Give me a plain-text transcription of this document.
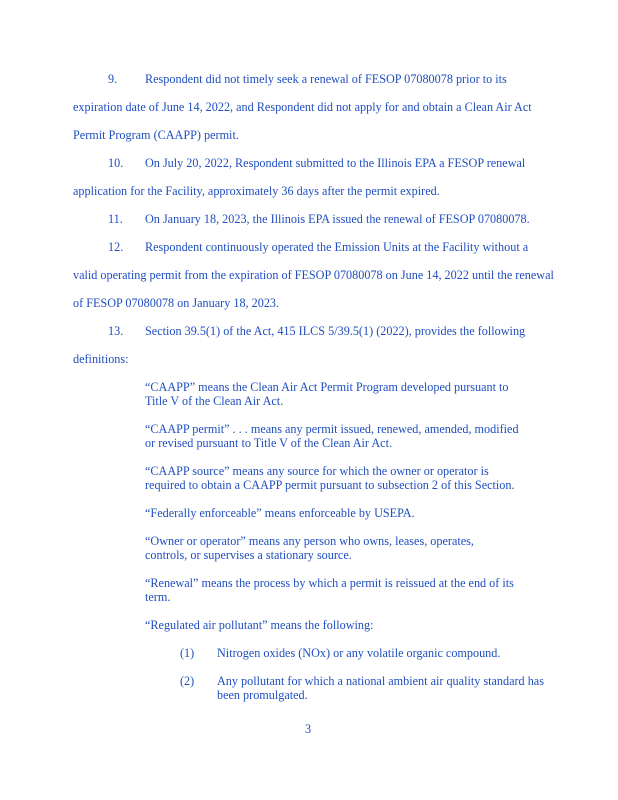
9. Respondent did not timely seek a renewal of FESOP 07080078 prior to its
expiration date of June 14, 2022, and Respondent did not apply for and obtain a Clean Air Act
Permit Program (CAAPP) permit.
10. On July 20, 2022, Respondent submitted to the Illinois EPA a FESOP renewal
application for the Facility, approximately 36 days after the permit expired.
11. On January 18, 2023, the Illinois EPA issued the renewal of FESOP 07080078.
12. Respondent continuously operated the Emission Units at the Facility without a
valid operating permit from the expiration of FESOP 07080078 on June 14, 2022 until the renewal
of FESOP 07080078 on January 18, 2023.
13. Section 39.5(1) of the Act, 415 ILCS 5/39.5(1) (2022), provides the following
definitions:
“CAAPP” means the Clean Air Act Permit Program developed pursuant to
Title V of the Clean Air Act.
“CAAPP permit” . . . means any permit issued, renewed, amended, modified
or revised pursuant to Title V of the Clean Air Act.
“CAAPP source” means any source for which the owner or operator is
required to obtain a CAAPP permit pursuant to subsection 2 of this Section.
“Federally enforceable” means enforceable by USEPA.
“Owner or operator” means any person who owns, leases, operates,
controls, or supervises a stationary source.
“Renewal” means the process by which a permit is reissued at the end of its
term.
“Regulated air pollutant” means the following:
(1) Nitrogen oxides (NOx) or any volatile organic compound.
(2) Any pollutant for which a national ambient air quality standard has
been promulgated.
3
